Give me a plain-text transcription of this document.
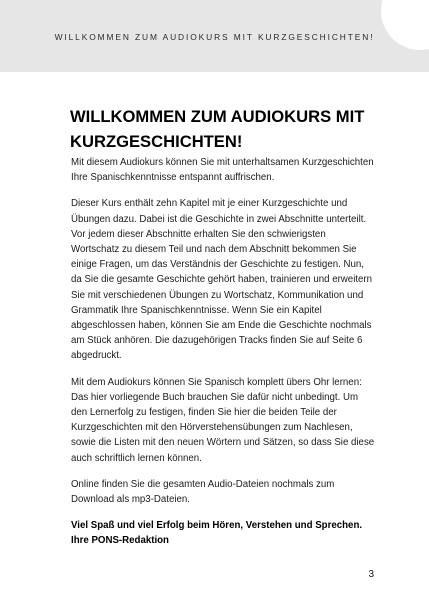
WILLKOMMEN ZUM AUDIOKURS MIT KURZGESCHICHTEN!
WILLKOMMEN ZUM AUDIOKURS MIT KURZGESCHICHTEN!

Mit diesem Audiokurs können Sie mit unterhaltsamen Kurzgeschichten Ihre Spanischkenntnisse entspannt auffrischen.

Dieser Kurs enthält zehn Kapitel mit je einer Kurzgeschichte und Übungen dazu. Dabei ist die Geschichte in zwei Abschnitte unterteilt. Vor jedem dieser Abschnitte erhalten Sie den schwierigsten Wortschatz zu diesem Teil und nach dem Abschnitt bekommen Sie einige Fragen, um das Verständnis der Geschichte zu festigen. Nun, da Sie die gesamte Geschichte gehört haben, trainieren und erweitern Sie mit verschiedenen Übungen zu Wortschatz, Kommunikation und Grammatik Ihre Spanischkenntnisse. Wenn Sie ein Kapitel abgeschlossen haben, können Sie am Ende die Geschichte nochmals am Stück anhören. Die dazugehörigen Tracks finden Sie auf Seite 6 abgedruckt.

Mit dem Audiokurs können Sie Spanisch komplett übers Ohr lernen: Das hier vorliegende Buch brauchen Sie dafür nicht unbedingt. Um den Lernerfolg zu festigen, finden Sie hier die beiden Teile der Kurzgeschichten mit den Hörverstehensübungen zum Nachlesen, sowie die Listen mit den neuen Wörtern und Sätzen, so dass Sie diese auch schriftlich lernen können.

Online finden Sie die gesamten Audio-Dateien nochmals zum Download als mp3-Dateien.

Viel Spaß und viel Erfolg beim Hören, Verstehen und Sprechen. Ihre PONS-Redaktion

3
